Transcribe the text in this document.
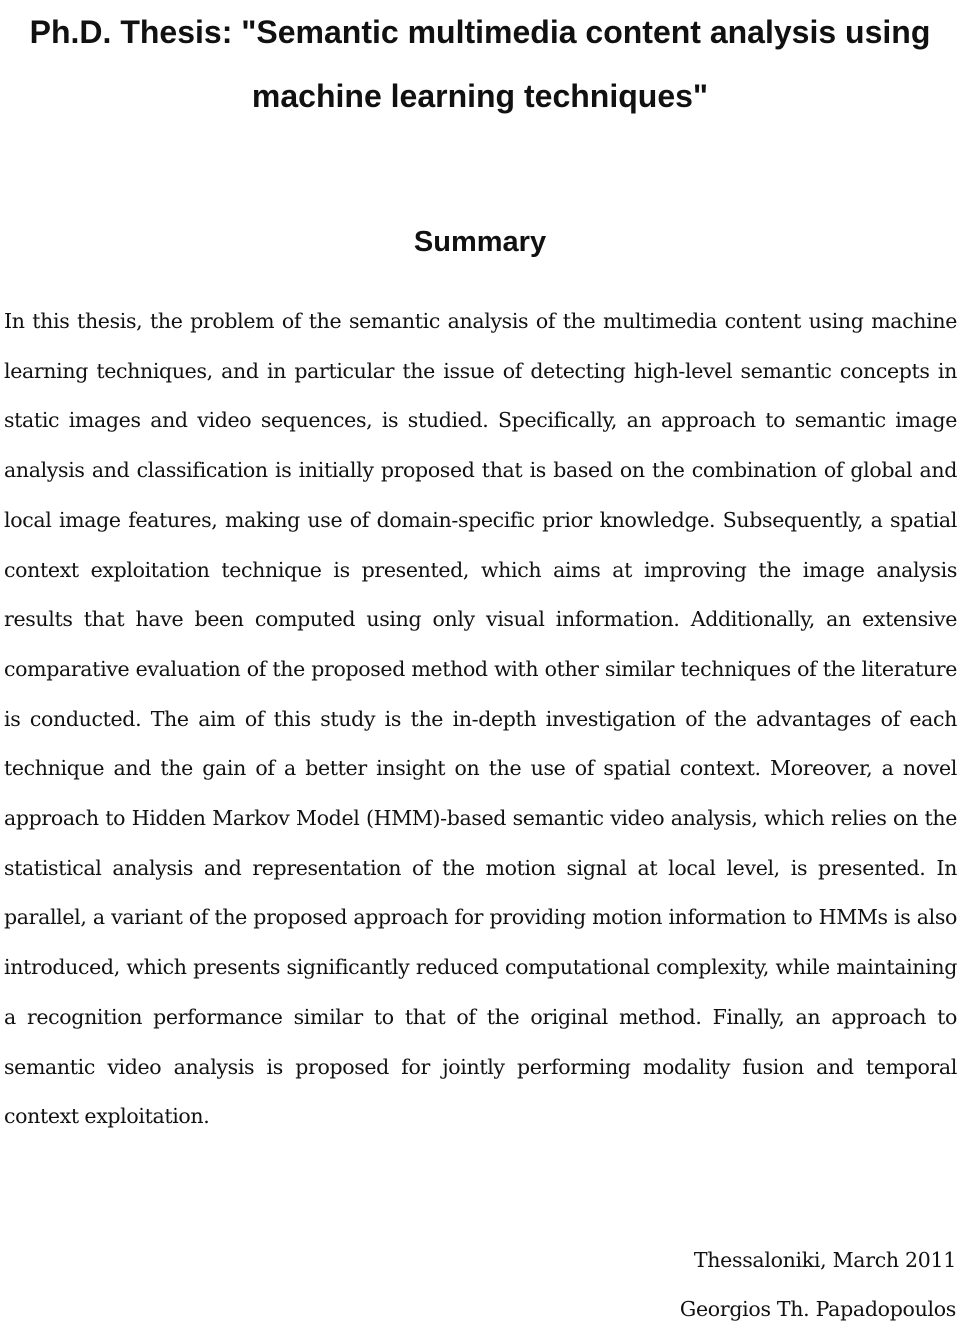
Ph.D. Thesis: "Semantic multimedia content analysis using
machine learning techniques"
Summary

In this thesis, the problem of the semantic analysis of the multimedia content using machine learning techniques, and in particular the issue of detecting high-level semantic concepts in static images and video sequences, is studied. Specifically, an approach to semantic image analysis and classification is initially proposed that is based on the combination of global and local image features, making use of domain-specific prior knowledge. Subsequently, a spatial context exploitation technique is presented, which aims at improving the image analysis results that have been computed using only visual information. Additionally, an extensive comparative evaluation of the proposed method with other similar techniques of the literature is conducted. The aim of this study is the in-depth investigation of the advantages of each technique and the gain of a better insight on the use of spatial context. Moreover, a novel approach to Hidden Markov Model (HMM)-based semantic video analysis, which relies on the statistical analysis and representation of the motion signal at local level, is presented. In parallel, a variant of the proposed approach for providing motion information to HMMs is also introduced, which presents significantly reduced computational complexity, while maintaining a recognition performance similar to that of the original method. Finally, an approach to semantic video analysis is proposed for jointly performing modality fusion and temporal context exploitation.

Thessaloniki, March 2011
Georgios Th. Papadopoulos
